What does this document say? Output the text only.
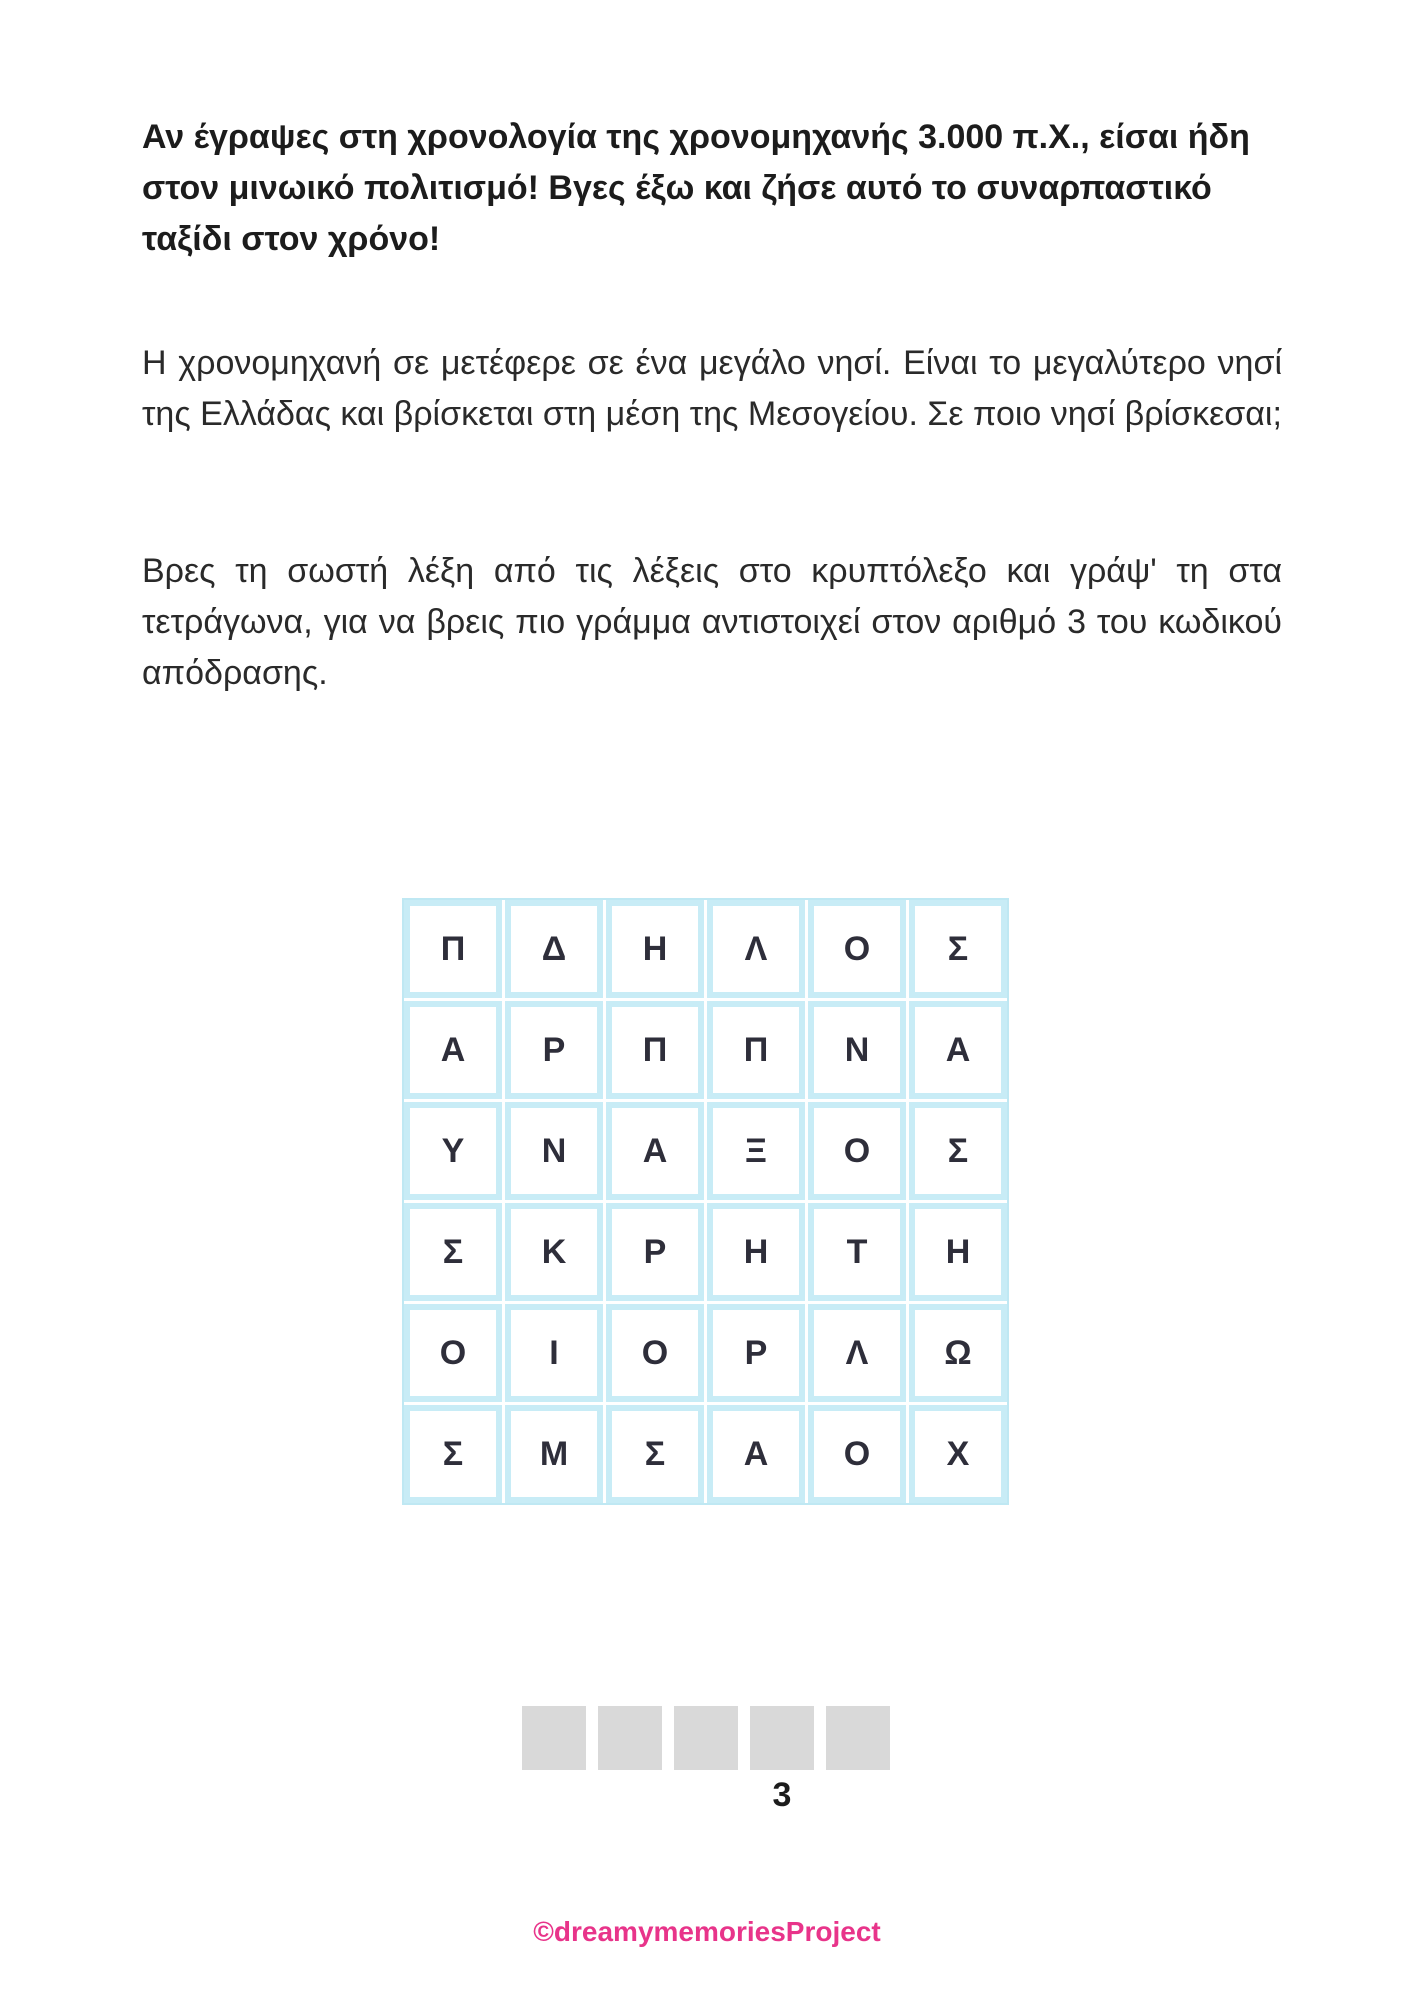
Αν έγραψες στη χρονολογία της χρονομηχανής 3.000 π.Χ., είσαι ήδη στον μινωικό πολιτισμό! Βγες έξω και ζήσε αυτό το συναρπαστικό ταξίδι στον χρόνο!
Η χρονομηχανή σε μετέφερε σε ένα μεγάλο νησί. Είναι το μεγαλύτερο νησί της Ελλάδας και βρίσκεται στη μέση της Μεσογείου. Σε ποιο νησί βρίσκεσαι;
Βρες τη σωστή λέξη από τις λέξεις στο κρυπτόλεξο και γράψ' τη στα τετράγωνα, για να βρεις πιο γράμμα αντιστοιχεί στον αριθμό 3 του κωδικού απόδρασης.
Π	Δ	Η	Λ	Ο	Σ
Α	Ρ	Π	Π	Ν	Α
Υ	Ν	Α	Ξ	Ο	Σ
Σ	Κ	Ρ	Η	Τ	Η
Ο	Ι	Ο	Ρ	Λ	Ω
Σ	Μ	Σ	Α	Ο	Χ
3
©dreamymemoriesProject
